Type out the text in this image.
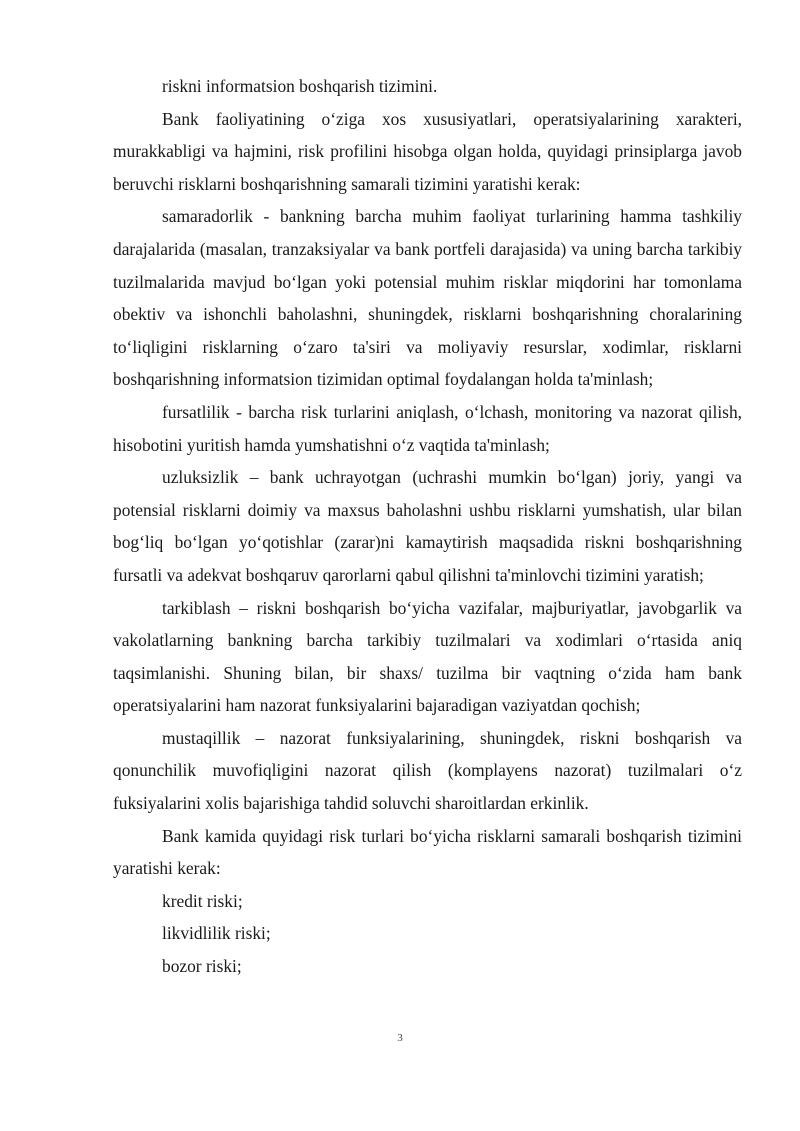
riskni informatsion boshqarish tizimini.

Bank faoliyatining o‘ziga xos xususiyatlari, operatsiyalarining xarakteri, murakkabligi va hajmini, risk profilini hisobga olgan holda, quyidagi prinsiplarga javob beruvchi risklarni boshqarishning samarali tizimini yaratishi kerak:

samaradorlik - bankning barcha muhim faoliyat turlarining hamma tashkiliy darajalarida (masalan, tranzaksiyalar va bank portfeli darajasida) va uning barcha tarkibiy tuzilmalarida mavjud bo‘lgan yoki potensial muhim risklar miqdorini har tomonlama obektiv va ishonchli baholashni, shuningdek, risklarni boshqarishning choralarining to‘liqligini risklarning o‘zaro ta'siri va moliyaviy resurslar, xodimlar, risklarni boshqarishning informatsion tizimidan optimal foydalangan holda ta'minlash;

fursatlilik - barcha risk turlarini aniqlash, o‘lchash, monitoring va nazorat qilish, hisobotini yuritish hamda yumshatishni o‘z vaqtida ta'minlash;

uzluksizlik – bank uchrayotgan (uchrashi mumkin bo‘lgan) joriy, yangi va potensial risklarni doimiy va maxsus baholashni ushbu risklarni yumshatish, ular bilan bog‘liq bo‘lgan yo‘qotishlar (zarar)ni kamaytirish maqsadida riskni boshqarishning fursatli va adekvat boshqaruv qarorlarni qabul qilishni ta'minlovchi tizimini yaratish;

tarkiblash – riskni boshqarish bo‘yicha vazifalar, majburiyatlar, javobgarlik va vakolatlarning bankning barcha tarkibiy tuzilmalari va xodimlari o‘rtasida aniq taqsimlanishi. Shuning bilan, bir shaxs/ tuzilma bir vaqtning o‘zida ham bank operatsiyalarini ham nazorat funksiyalarini bajaradigan vaziyatdan qochish;

mustaqillik – nazorat funksiyalarining, shuningdek, riskni boshqarish va qonunchilik muvofiqligini nazorat qilish (komplayens nazorat) tuzilmalari o‘z fuksiyalarini xolis bajarishiga tahdid soluvchi sharoitlardan erkinlik.

Bank kamida quyidagi risk turlari bo‘yicha risklarni samarali boshqarish tizimini yaratishi kerak:

kredit riski;

likvidlilik riski;

bozor riski;

3
